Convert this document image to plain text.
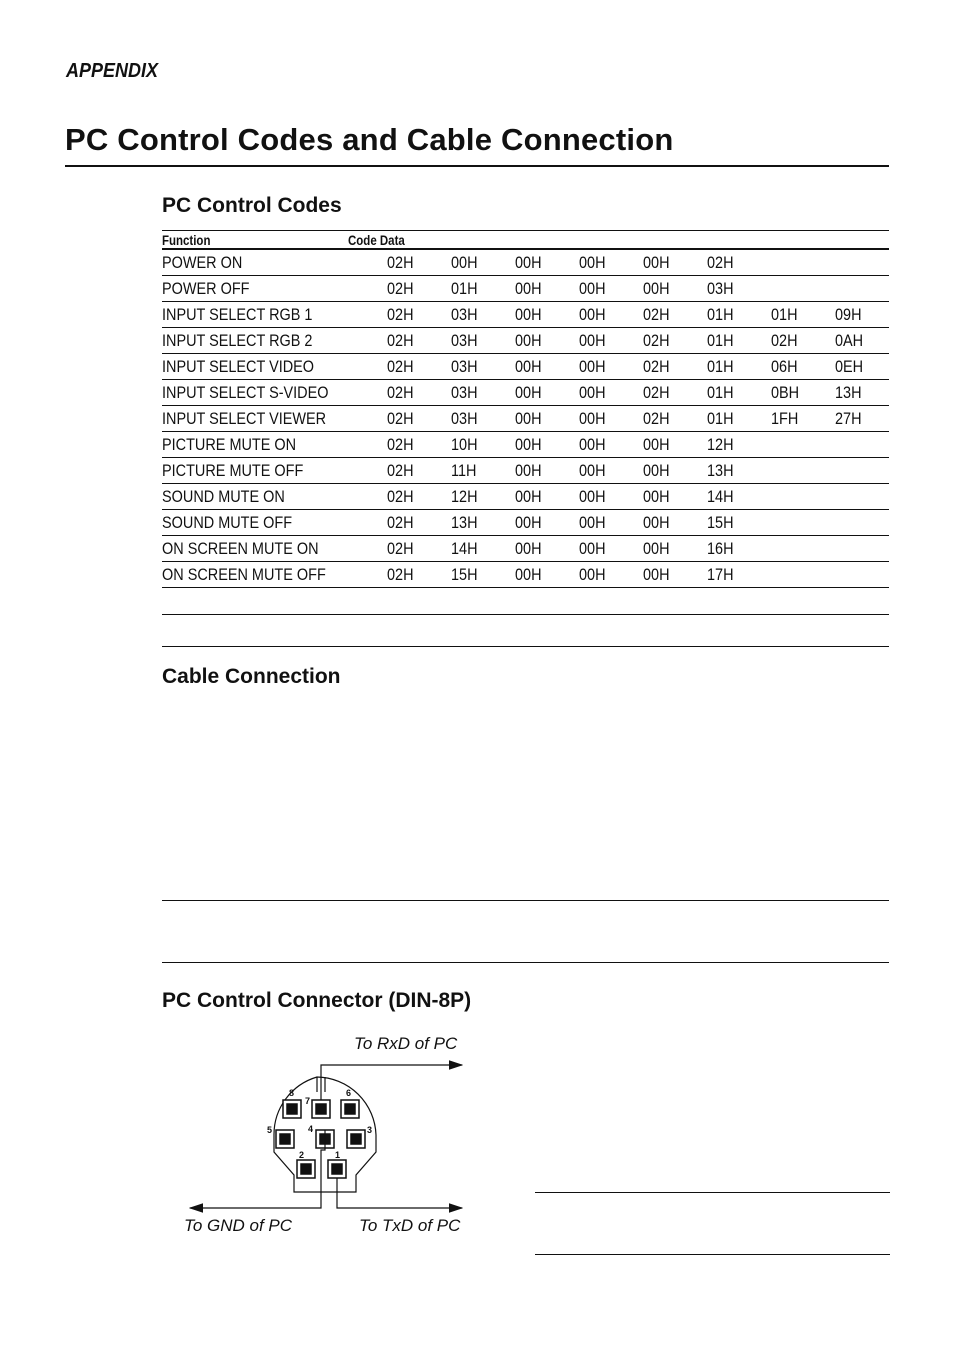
APPENDIX
PC Control Codes and Cable Connection
PC Control Codes
Function	Code Data							
POWER ON	02H	00H	00H	00H	00H	02H		
POWER OFF	02H	01H	00H	00H	00H	03H		
INPUT SELECT RGB 1	02H	03H	00H	00H	02H	01H	01H	09H
INPUT SELECT RGB 2	02H	03H	00H	00H	02H	01H	02H	0AH
INPUT SELECT VIDEO	02H	03H	00H	00H	02H	01H	06H	0EH
INPUT SELECT S-VIDEO	02H	03H	00H	00H	02H	01H	0BH	13H
INPUT SELECT VIEWER	02H	03H	00H	00H	02H	01H	1FH	27H
PICTURE MUTE ON	02H	10H	00H	00H	00H	12H		
PICTURE MUTE OFF	02H	11H	00H	00H	00H	13H		
SOUND MUTE ON	02H	12H	00H	00H	00H	14H		
SOUND MUTE OFF	02H	13H	00H	00H	00H	15H		
ON SCREEN MUTE ON	02H	14H	00H	00H	00H	16H		
ON SCREEN MUTE OFF	02H	15H	00H	00H	00H	17H		
Cable Connection
PC Control Connector (DIN-8P)
To RxD of PC
To GND of PC	To TxD of PC
8
7
6
5	4	3
2	1
